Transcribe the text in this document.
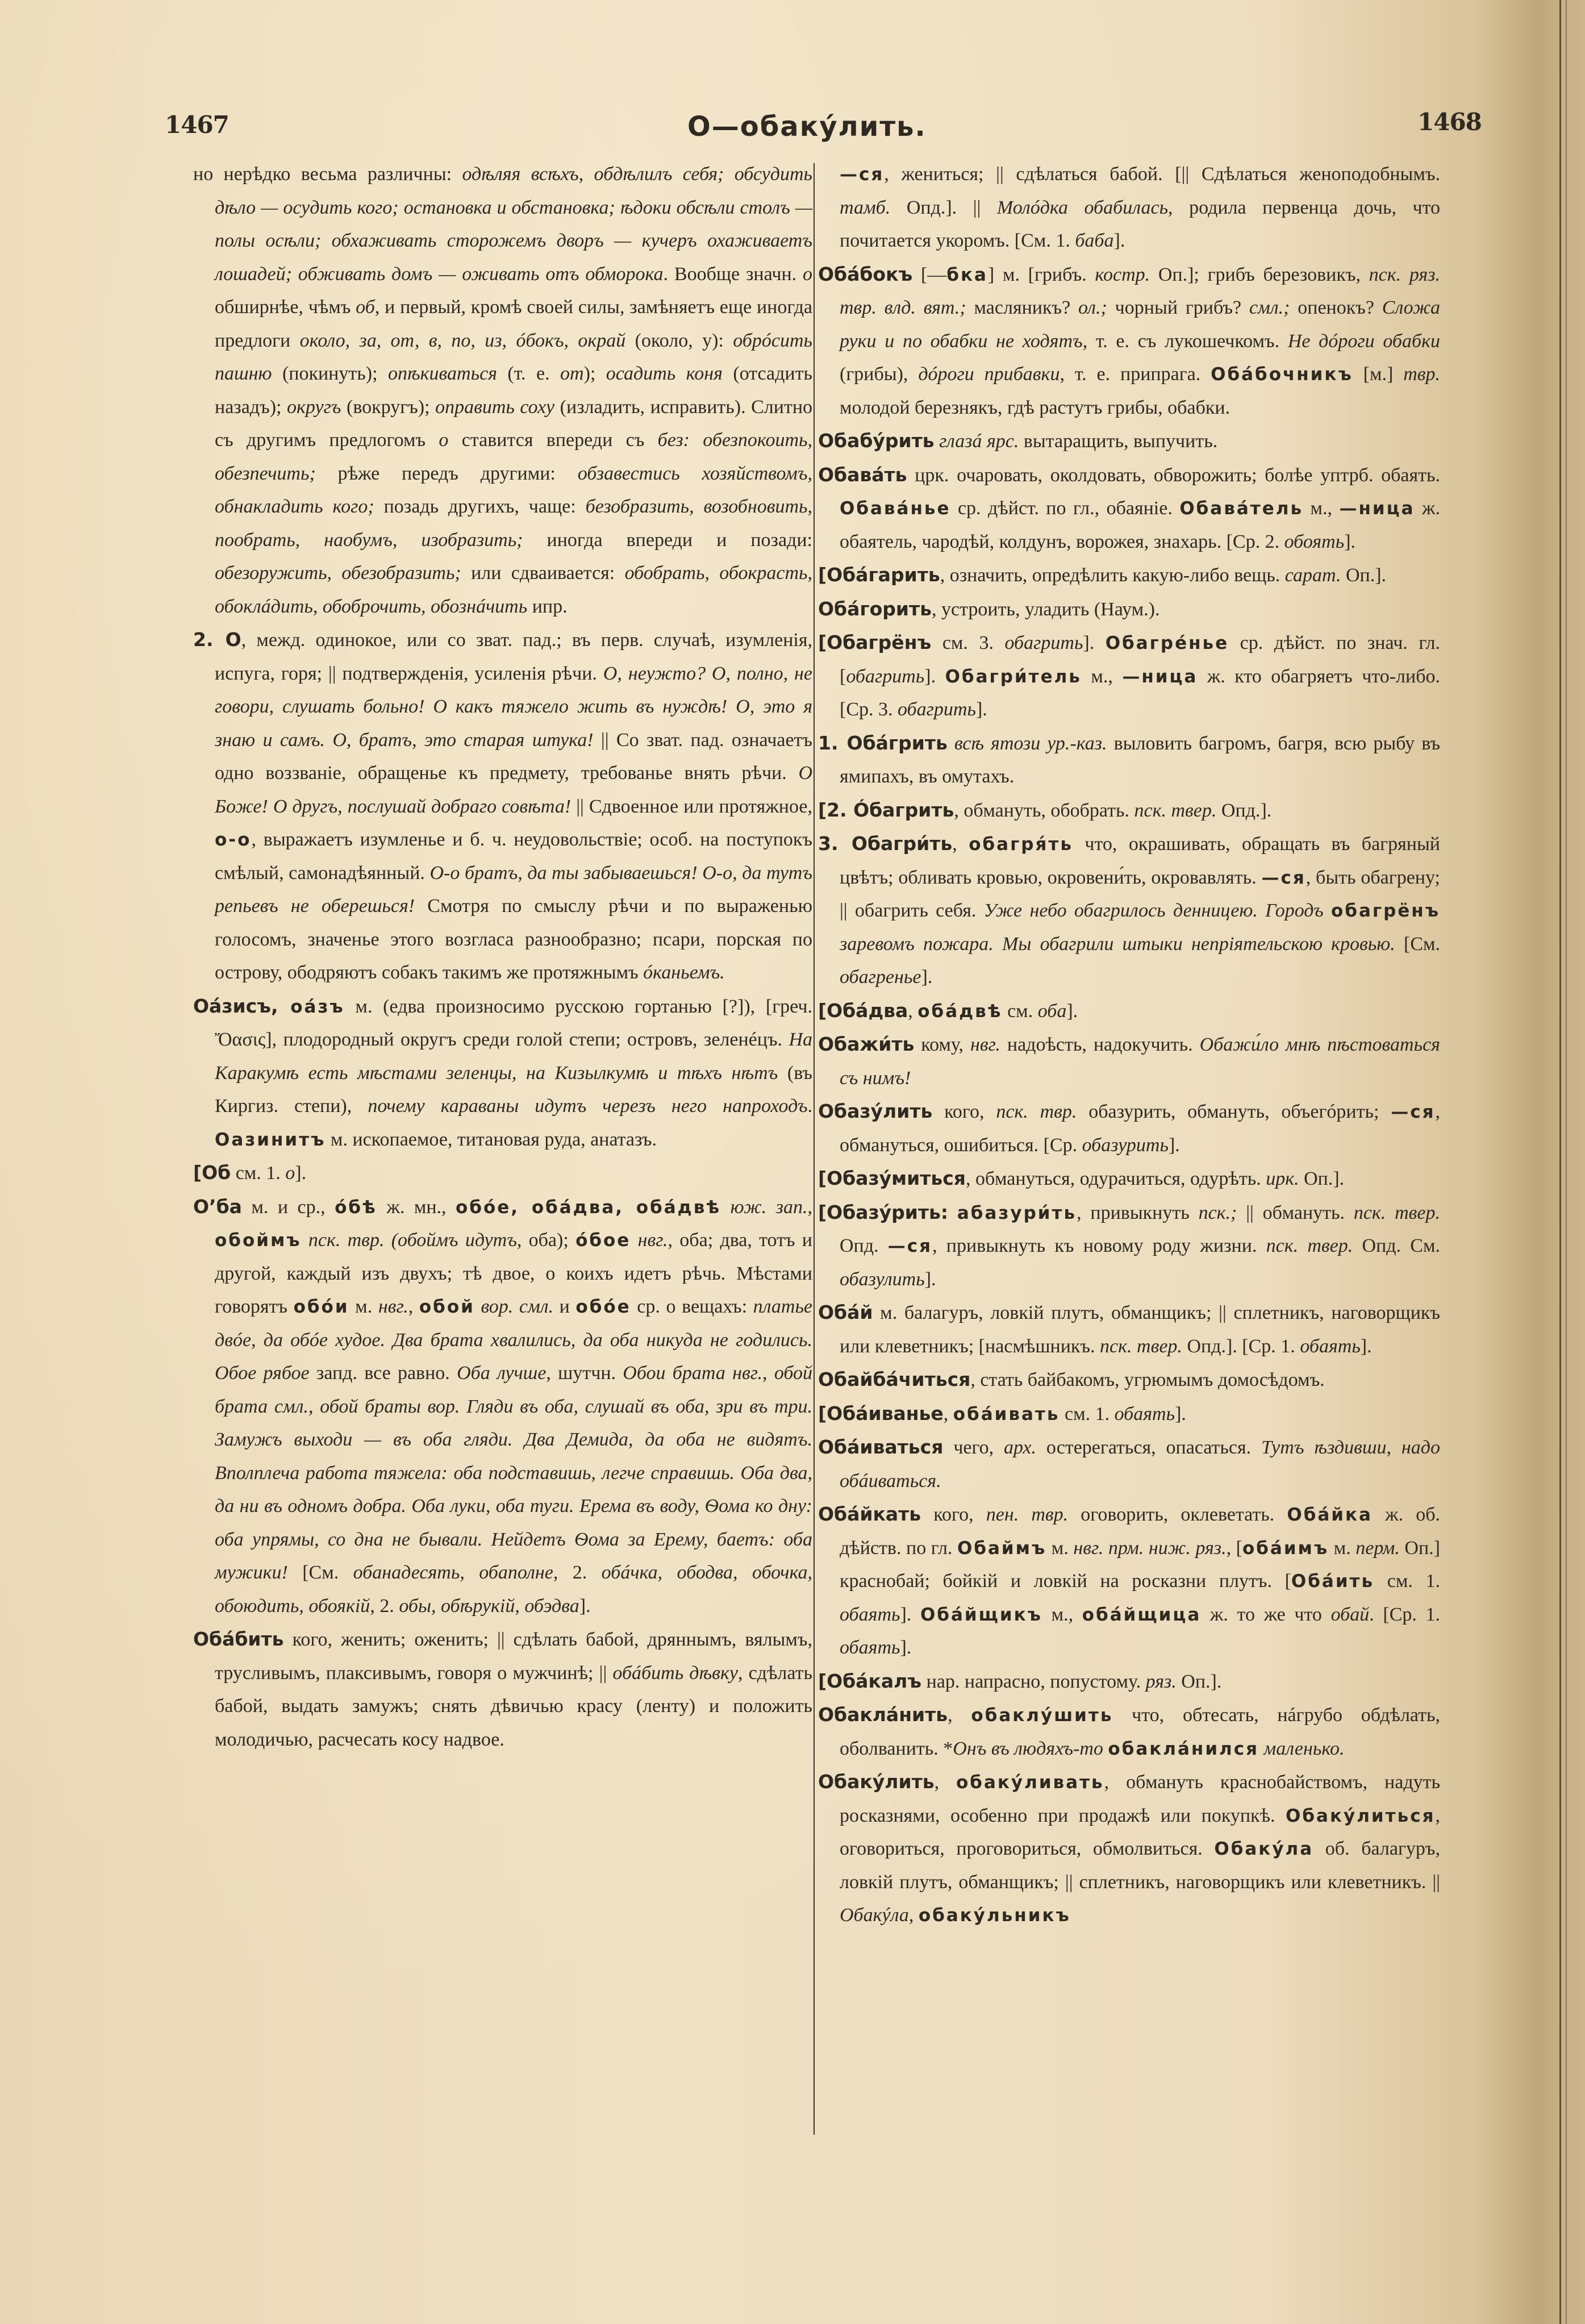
1467	О—обакýлить.	1468

но нерѣдко весьма различны: одѣляя всѣхъ, обдѣлилъ себя; обсудить дѣло — осудить кого; остановка и обстановка; ѣдоки обсѣли столъ — полы осѣли; обхаживать сторожемъ дворъ — кучеръ охаживаетъ лошадей; обживать домъ — оживать отъ обморока. Вообще значн. о обширнѣе, чѣмъ об, и первый, кромѣ своей силы, замѣняетъ еще иногда предлоги около, за, от, в, по, из, óбокъ, окрай (около, у): обрóсить пашню (покинуть); опѣкиваться (т. е. от); осадить коня (отсадить назадъ); округъ (вокругъ); оправить соху (изладить, исправить). Слитно съ другимъ предлогомъ о ставится впереди съ без: обезпокоить, обезпечить; рѣже передъ другими: обзавестись хозяйствомъ, обнакладить кого; позадь другихъ, чаще: безобразить, возобновить, пообрать, наобумъ, изобразить; иногда впереди и позади: обезоружить, обезобразить; или сдваивается: обобрать, обокрасть, обоклáдить, обоброчить, обознáчить ипр.

2. О, межд. одинокое, или со зват. пад.; въ перв. случаѣ, изумленія, испуга, горя; || подтвержденія, усиленія рѣчи. О, неужто? О, полно, не говори, слушать больно! О какъ тяжело жить въ нуждѣ! О, это я знаю и самъ. О, братъ, это старая штука! || Со зват. пад. означаетъ одно воззваніе, обращенье къ предмету, требованье внять рѣчи. О Боже! О другъ, послушай добраго совѣта! || Сдвоенное или протяжное, о-о, выражаетъ изумленье и б. ч. неудовольствіе; особ. на поступокъ смѣлый, самонадѣянный. О-о братъ, да ты забываешься! О-о, да тутъ репьевъ не оберешься! Смотря по смыслу рѣчи и по выраженью голосомъ, значенье этого возгласа разнообразно; псари, порская по острову, ободряютъ собакъ такимъ же протяжнымъ óканьемъ.

Оáзисъ, оáзъ м. (едва произносимо русскою гортанью [?]), [греч. Ὄασις], плодородный округъ среди голой степи; островъ, зеленéцъ. На Каракумѣ есть мѣстами зеленцы, на Кизылкумѣ и тѣхъ нѣтъ (въ Киргиз. степи), почему караваны идутъ черезъ него напроходъ. Оазинитъ м. ископаемое, титановая руда, анатазъ.

[Об см. 1. о].

О’ба м. и ср., óбѣ ж. мн., обóе, обáдва, обáдвѣ юж. зап., обоймъ пск. твр. (обоймъ идутъ, оба); óбое нвг., оба; два, тотъ и другой, каждый изъ двухъ; тѣ двое, о коихъ идетъ рѣчь. Мѣстами говорятъ обóи м. нвг., обой вор. смл. и обóе ср. о вещахъ: платье двóе, да обóе худое. Два брата хвалились, да оба никуда не годились. Обое рябое запд. все равно. Оба лучше, шутчн. Обои брата нвг., обой брата смл., обой браты вор. Гляди въ оба, слушай въ оба, зри въ три. Замужъ выходи — въ оба гляди. Два Демида, да оба не видятъ. Вполплеча работа тяжела: оба подставишь, легче справишь. Оба два, да ни въ одномъ добра. Оба луки, оба туги. Ерема въ воду, Ѳома ко дну: оба упрямы, со дна не бывали. Нейдетъ Ѳома за Ерему, баетъ: оба мужики! [См. обанадесять, обаполне, 2. обáчка, ободва, обочка, обоюдить, обоякій, 2. обы, обѣрукій, обэдва].

Обáбить кого, женить; оженить; || сдѣлать бабой, дряннымъ, вялымъ, трусливымъ, плаксивымъ, говоря о мужчинѣ; || обáбить дѣвку, сдѣлать бабой, выдать замужъ; снять дѣвичью красу (ленту) и положить молодичью, расчесать косу надвое.

—ся, жениться; || сдѣлаться бабой. [|| Сдѣлаться женоподобнымъ. тамб. Опд.]. || Молóдка обабилась, родила первенца дочь, что почитается укоромъ. [См. 1. баба].

Обáбокъ [—бка] м. [грибъ. костр. Оп.]; грибъ березовикъ, пск. ряз. твр. влд. вят.; масляникъ? ол.; чорный грибъ? смл.; опенокъ? Сложа руки и по обабки не ходятъ, т. е. съ лукошечкомъ. Не дóроги обабки (грибы), дóроги прибавки, т. е. припрага. Обáбочникъ [м.] твр. молодой березнякъ, гдѣ растутъ грибы, обабки.

Обабýрить глазá ярс. вытаращить, выпучить.

Обавáть црк. очаровать, околдовать, обворожить; болѣе уптрб. обаять. Обавáнье ср. дѣйст. по гл., обаяніе. Обавáтель м., —ница ж. обаятель, чародѣй, колдунъ, ворожея, знахарь. [Ср. 2. обоять].

[Обáгарить, означить, опредѣлить какую-либо вещь. сарат. Оп.].

Обáгорить, устроить, уладить (Наум.).

[Обагрёнъ см. 3. обагрить]. Обагрéнье ср. дѣйст. по знач. гл. [обагрить]. Обагри́тель м., —ница ж. кто обагряетъ что-либо. [Ср. 3. обагрить].

1. Обáгрить всѣ ятози ур.-каз. выловить багромъ, багря, всю рыбу въ ямипахъ, въ омутахъ.

[2. Óбагрить, обмануть, обобрать. пск. твер. Опд.].

3. Обагри́ть, обагря́ть что, окрашивать, обращать въ багряный цвѣтъ; обливать кровью, окровени́ть, окровавлять. —ся, быть обагрену; || обагрить себя. Уже небо обагрилось денницею. Городъ обагрёнъ заревомъ пожара. Мы обагрили штыки непріятельскою кровью. [См. обагренье].

[Обáдва, обáдвѣ см. оба].

Обажи́ть кому, нвг. надоѣсть, надокучить. Обажи́ло мнѣ пѣстоваться съ нимъ!

Обазýлить кого, пск. твр. обазурить, обмануть, объегóрить; —ся, обмануться, ошибиться. [Ср. обазурить].

[Обазýмиться, обмануться, одурачиться, одурѣть. ирк. Оп.].

[Обазýрить: абазури́ть, привыкнуть пск.; || обмануть. пск. твер. Опд. —ся, привыкнуть къ новому роду жизни. пск. твер. Опд. См. обазулить].

Обáй м. балагуръ, ловкій плутъ, обманщикъ; || сплетникъ, наговорщикъ или клеветникъ; [насмѣшникъ. пск. твер. Опд.]. [Ср. 1. обаять].

Обайбáчиться, стать байбакомъ, угрюмымъ домосѣдомъ.

[Обáиванье, обáивать см. 1. обаять].

Обáиваться чего, арх. остерегаться, опасаться. Тутъ ѣздивши, надо обáиваться.

Обáйкать кого, пен. твр. оговорить, оклеветать. Обáйка ж. об. дѣйств. по гл. Обаймъ м. нвг. прм. ниж. ряз., [обáимъ м. перм. Оп.] краснобай; бойкій и ловкій на росказни плутъ. [Обáить см. 1. обаять]. Обáйщикъ м., обáйщица ж. то же что обай. [Ср. 1. обаять].

[Обáкалъ нар. напрасно, попустому. ряз. Оп.].

Обаклáнить, обаклýшить что, обтесать, нáгрубо обдѣлать, оболванить. *Онъ въ людяхъ-то обаклáнился маленько.

Обакýлить, обакýливать, обмануть краснобайствомъ, надуть росказнями, особенно при продажѣ или покупкѣ. Обакýлиться, оговориться, проговориться, обмолвиться. Обакýла об. балагуръ, ловкій плутъ, обманщикъ; || сплетникъ, наговорщикъ или клеветникъ. || Обакýла, обакýльникъ
